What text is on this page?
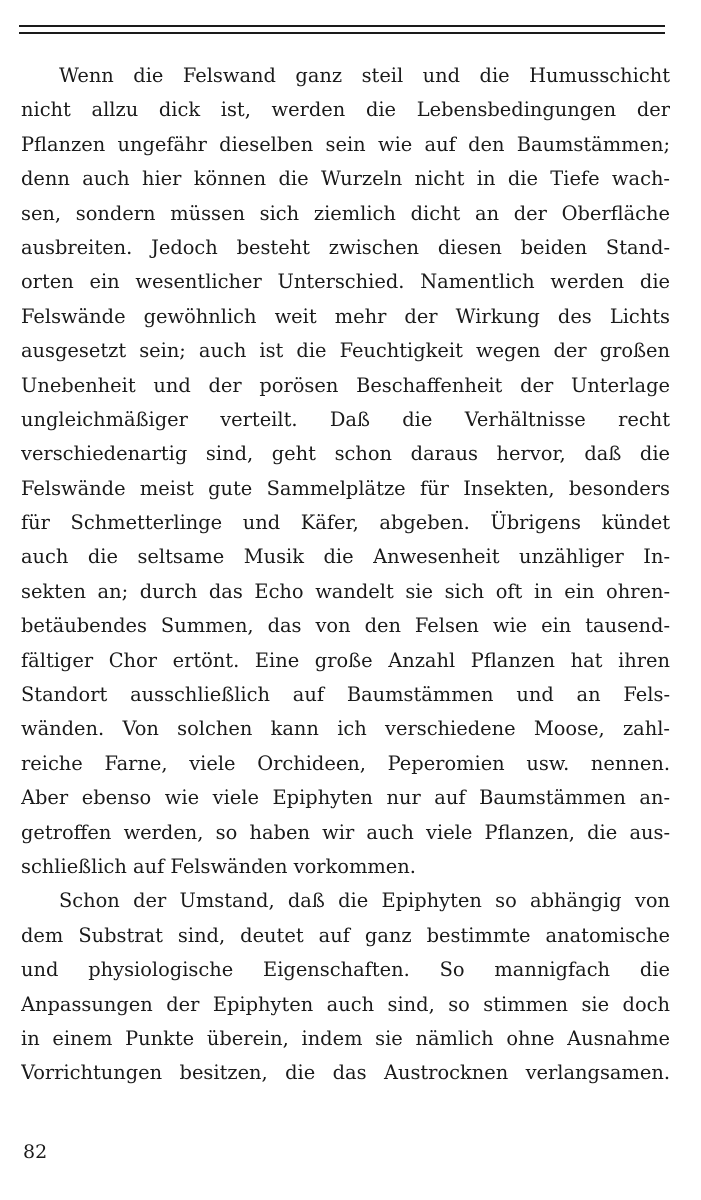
Wenn die Felswand ganz steil und die Humusschicht
nicht allzu dick ist, werden die Lebensbedingungen der
Pflanzen ungefähr dieselben sein wie auf den Baumstämmen;
denn auch hier können die Wurzeln nicht in die Tiefe wach-
sen, sondern müssen sich ziemlich dicht an der Oberfläche
ausbreiten. Jedoch besteht zwischen diesen beiden Stand-
orten ein wesentlicher Unterschied. Namentlich werden die
Felswände gewöhnlich weit mehr der Wirkung des Lichts
ausgesetzt sein; auch ist die Feuchtigkeit wegen der großen
Unebenheit und der porösen Beschaffenheit der Unterlage
ungleichmäßiger verteilt. Daß die Verhältnisse recht
verschiedenartig sind, geht schon daraus hervor, daß die
Felswände meist gute Sammelplätze für Insekten, besonders
für Schmetterlinge und Käfer, abgeben. Übrigens kündet
auch die seltsame Musik die Anwesenheit unzähliger In-
sekten an; durch das Echo wandelt sie sich oft in ein ohren-
betäubendes Summen, das von den Felsen wie ein tausend-
fältiger Chor ertönt. Eine große Anzahl Pflanzen hat ihren
Standort ausschließlich auf Baumstämmen und an Fels-
wänden. Von solchen kann ich verschiedene Moose, zahl-
reiche Farne, viele Orchideen, Peperomien usw. nennen.
Aber ebenso wie viele Epiphyten nur auf Baumstämmen an-
getroffen werden, so haben wir auch viele Pflanzen, die aus-
schließlich auf Felswänden vorkommen.
Schon der Umstand, daß die Epiphyten so abhängig von
dem Substrat sind, deutet auf ganz bestimmte anatomische
und physiologische Eigenschaften. So mannigfach die
Anpassungen der Epiphyten auch sind, so stimmen sie doch
in einem Punkte überein, indem sie nämlich ohne Ausnahme
Vorrichtungen besitzen, die das Austrocknen verlangsamen.
82
